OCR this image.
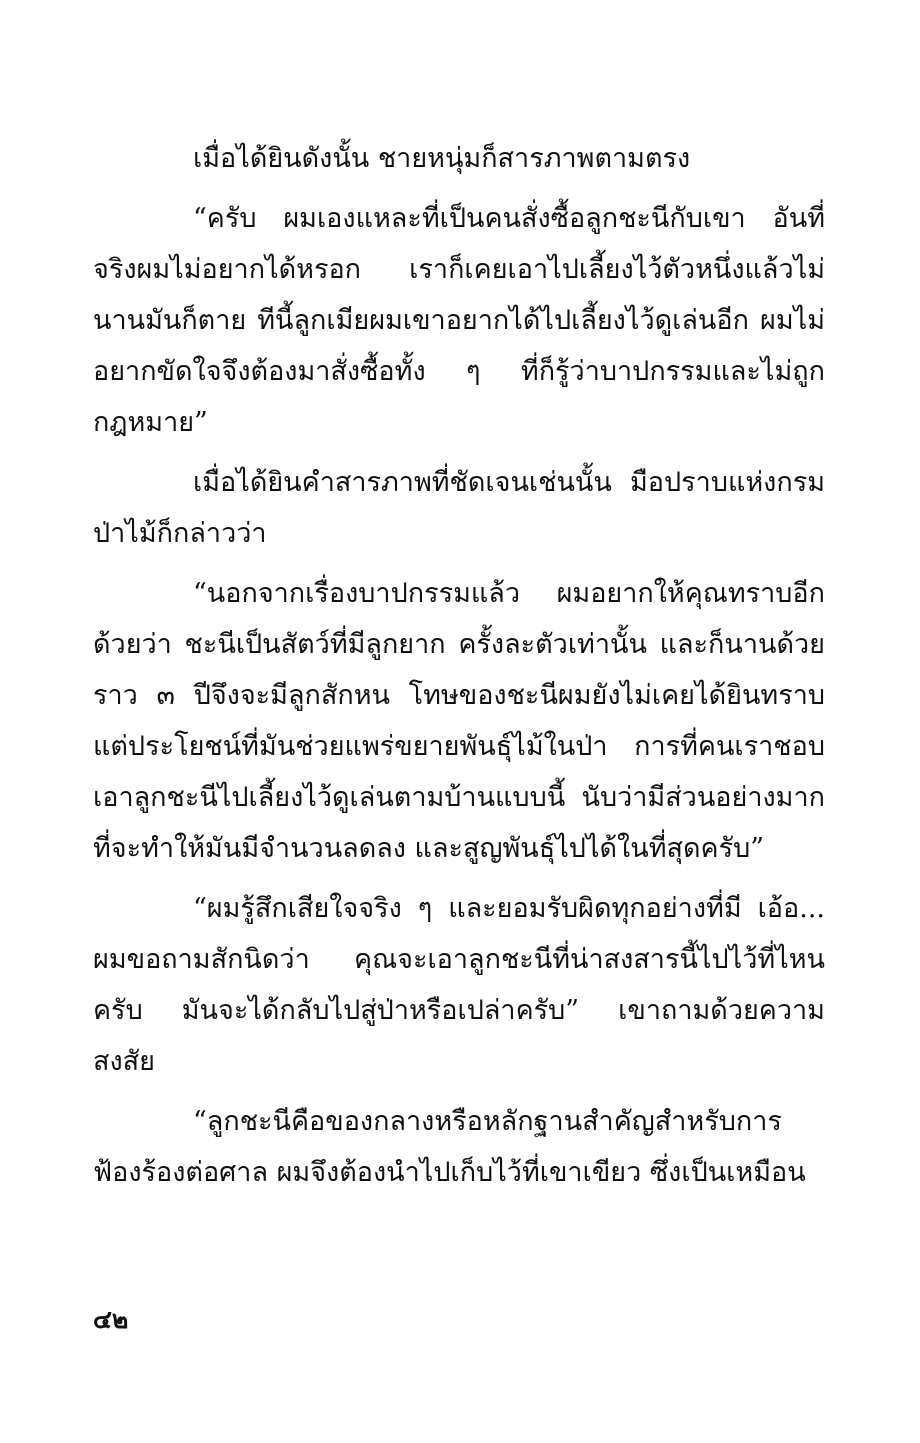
เมื่อได้ยินดังนั้น ชายหนุ่มก็สารภาพตามตรง

“ครับ ผมเองแหละที่เป็นคนสั่งซื้อลูกชะนีกับเขา อันที่จริงผมไม่อยากได้หรอก เราก็เคยเอาไปเลี้ยงไว้ตัวหนึ่งแล้วไม่นานมันก็ตาย ทีนี้ลูกเมียผมเขาอยากได้ไปเลี้ยงไว้ดูเล่นอีก ผมไม่อยากขัดใจจึงต้องมาสั่งซื้อทั้ง ๆ ที่ก็รู้ว่าบาปกรรมและไม่ถูกกฎหมาย”

เมื่อได้ยินคำสารภาพที่ชัดเจนเช่นนั้น มือปราบแห่งกรมป่าไม้ก็กล่าวว่า

“นอกจากเรื่องบาปกรรมแล้ว ผมอยากให้คุณทราบอีกด้วยว่า ชะนีเป็นสัตว์ที่มีลูกยาก ครั้งละตัวเท่านั้น และก็นานด้วย ราว ๓ ปีจึงจะมีลูกสักหน โทษของชะนีผมยังไม่เคยได้ยินทราบแต่ประโยชน์ที่มันช่วยแพร่ขยายพันธุ์ไม้ในป่า การที่คนเราชอบเอาลูกชะนีไปเลี้ยงไว้ดูเล่นตามบ้านแบบนี้ นับว่ามีส่วนอย่างมากที่จะทำให้มันมีจำนวนลดลง และสูญพันธุ์ไปได้ในที่สุดครับ”

“ผมรู้สึกเสียใจจริง ๆ และยอมรับผิดทุกอย่างที่มี เอ้อ... ผมขอถามสักนิดว่า คุณจะเอาลูกชะนีที่น่าสงสารนี้ไปไว้ที่ไหนครับ มันจะได้กลับไปสู่ป่าหรือเปล่าครับ” เขาถามด้วยความสงสัย

“ลูกชะนีคือของกลางหรือหลักฐานสำคัญสำหรับการฟ้องร้องต่อศาล ผมจึงต้องนำไปเก็บไว้ที่เขาเขียว ซึ่งเป็นเหมือน

๔๒
